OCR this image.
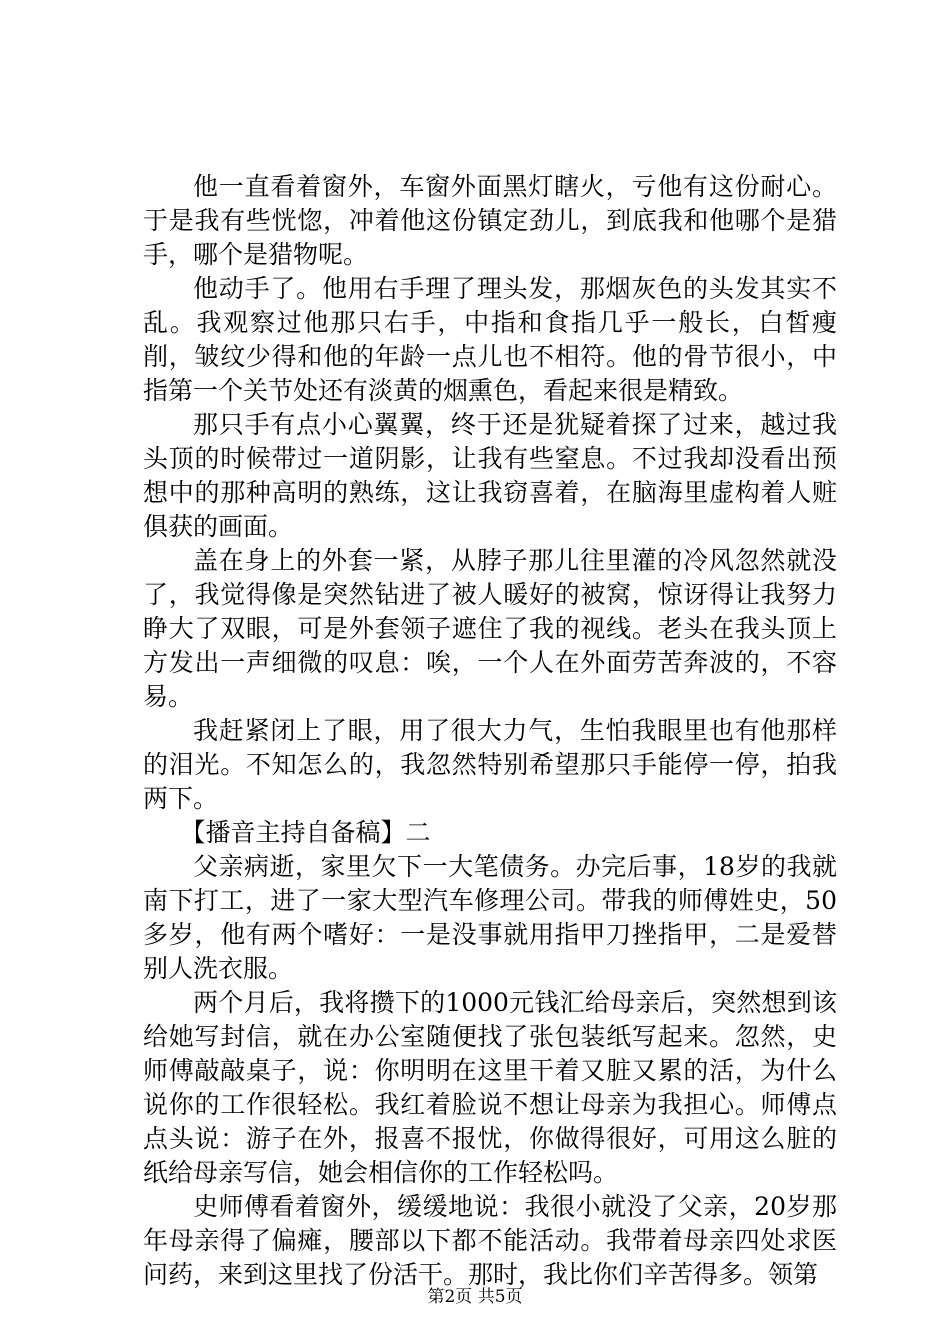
他一直看着窗外，车窗外面黑灯瞎火，亏他有这份耐心。于是我有些恍惚，冲着他这份镇定劲儿，到底我和他哪个是猎手，哪个是猎物呢。

他动手了。他用右手理了理头发，那烟灰色的头发其实不乱。我观察过他那只右手，中指和食指几乎一般长，白皙瘦削，皱纹少得和他的年龄一点儿也不相符。他的骨节很小，中指第一个关节处还有淡黄的烟熏色，看起来很是精致。

那只手有点小心翼翼，终于还是犹疑着探了过来，越过我头顶的时候带过一道阴影，让我有些窒息。不过我却没看出预想中的那种高明的熟练，这让我窃喜着，在脑海里虚构着人赃俱获的画面。

盖在身上的外套一紧，从脖子那儿往里灌的冷风忽然就没了，我觉得像是突然钻进了被人暖好的被窝，惊讶得让我努力睁大了双眼，可是外套领子遮住了我的视线。老头在我头顶上方发出一声细微的叹息：唉，一个人在外面劳苦奔波的，不容易。

我赶紧闭上了眼，用了很大力气，生怕我眼里也有他那样的泪光。不知怎么的，我忽然特别希望那只手能停一停，拍我两下。

【播音主持自备稿】二

父亲病逝，家里欠下一大笔债务。办完后事，18岁的我就南下打工，进了一家大型汽车修理公司。带我的师傅姓史，50多岁，他有两个嗜好：一是没事就用指甲刀挫指甲，二是爱替别人洗衣服。

两个月后，我将攒下的1000元钱汇给母亲后，突然想到该给她写封信，就在办公室随便找了张包装纸写起来。忽然，史师傅敲敲桌子，说：你明明在这里干着又脏又累的活，为什么说你的工作很轻松。我红着脸说不想让母亲为我担心。师傅点点头说：游子在外，报喜不报忧，你做得很好，可用这么脏的纸给母亲写信，她会相信你的工作轻松吗。

史师傅看着窗外，缓缓地说：我很小就没了父亲，20岁那年母亲得了偏瘫，腰部以下都不能活动。我带着母亲四处求医问药，来到这里找了份活干。那时，我比你们辛苦得多。领第

第2页 共5页
